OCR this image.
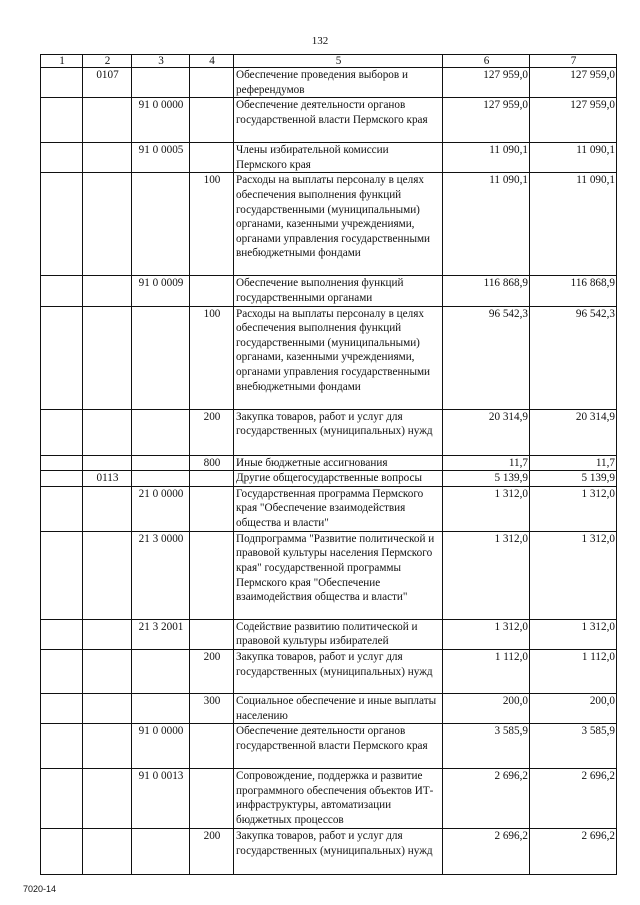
132
1	2	3	4	5	6	7
	0107			Обеспечение проведения выборов и референдумов	127 959,0	127 959,0
		91 0 0000		Обеспечение деятельности органов государственной власти Пермского края	127 959,0	127 959,0
		91 0 0005		Члены избирательной комиссии Пермского края	11 090,1	11 090,1
			100	Расходы на выплаты персоналу в целях обеспечения выполнения функций государственными (муниципальными) органами, казенными учреждениями, органами управления государственными внебюджетными фондами	11 090,1	11 090,1
		91 0 0009		Обеспечение выполнения функций государственными органами	116 868,9	116 868,9
			100	Расходы на выплаты персоналу в целях обеспечения выполнения функций государственными (муниципальными) органами, казенными учреждениями, органами управления государственными внебюджетными фондами	96 542,3	96 542,3
			200	Закупка товаров, работ и услуг для государственных (муниципальных) нужд	20 314,9	20 314,9
			800	Иные бюджетные ассигнования	11,7	11,7
	0113			Другие общегосударственные вопросы	5 139,9	5 139,9
		21 0 0000		Государственная программа Пермского края "Обеспечение взаимодействия общества и власти"	1 312,0	1 312,0
		21 3 0000		Подпрограмма "Развитие политической и правовой культуры населения Пермского края" государственной программы Пермского края "Обеспечение взаимодействия общества и власти"	1 312,0	1 312,0
		21 3 2001		Содействие развитию политической и правовой культуры избирателей	1 312,0	1 312,0
			200	Закупка товаров, работ и услуг для государственных (муниципальных) нужд	1 112,0	1 112,0
			300	Социальное обеспечение и иные выплаты населению	200,0	200,0
		91 0 0000		Обеспечение деятельности органов государственной власти Пермского края	3 585,9	3 585,9
		91 0 0013		Сопровождение, поддержка и развитие программного обеспечения объектов ИТ-инфраструктуры, автоматизации бюджетных процессов	2 696,2	2 696,2
			200	Закупка товаров, работ и услуг для государственных (муниципальных) нужд	2 696,2	2 696,2
7020-14
